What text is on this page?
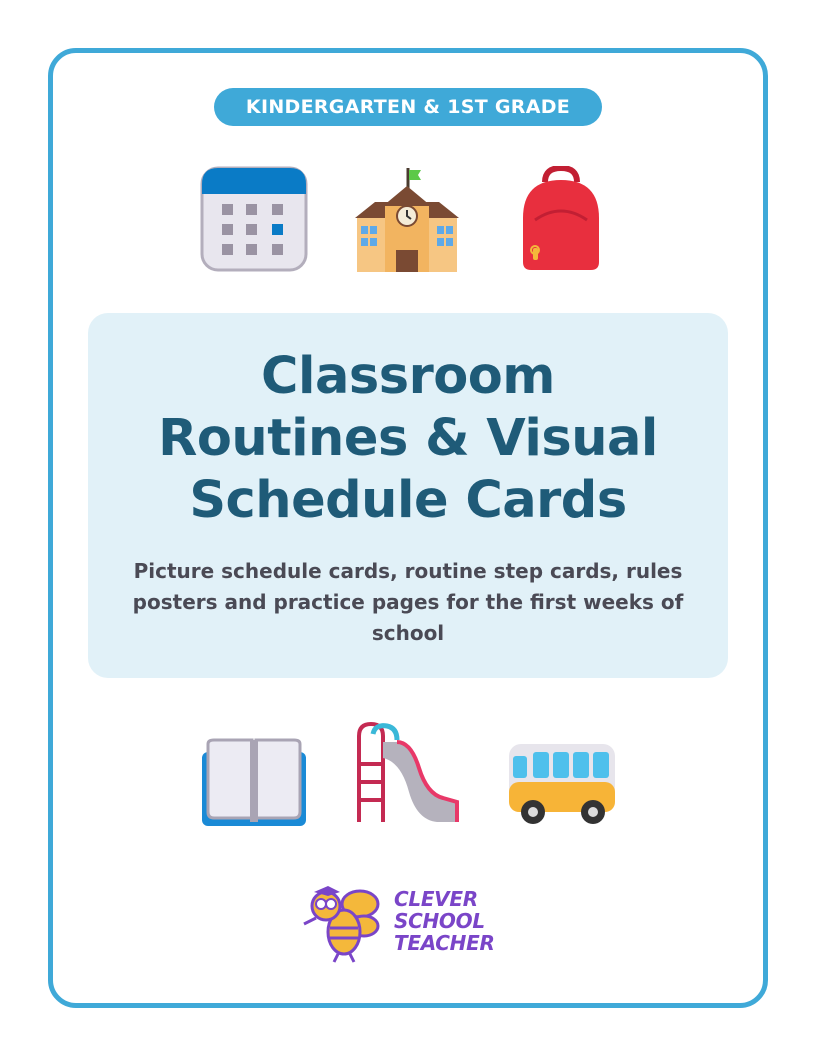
KINDERGARTEN & 1ST GRADE
Classroom
Routines & Visual
Schedule Cards

Picture schedule cards, routine step cards, rules posters and practice pages for the first weeks of school

CLEVER
SCHOOL
TEACHER
